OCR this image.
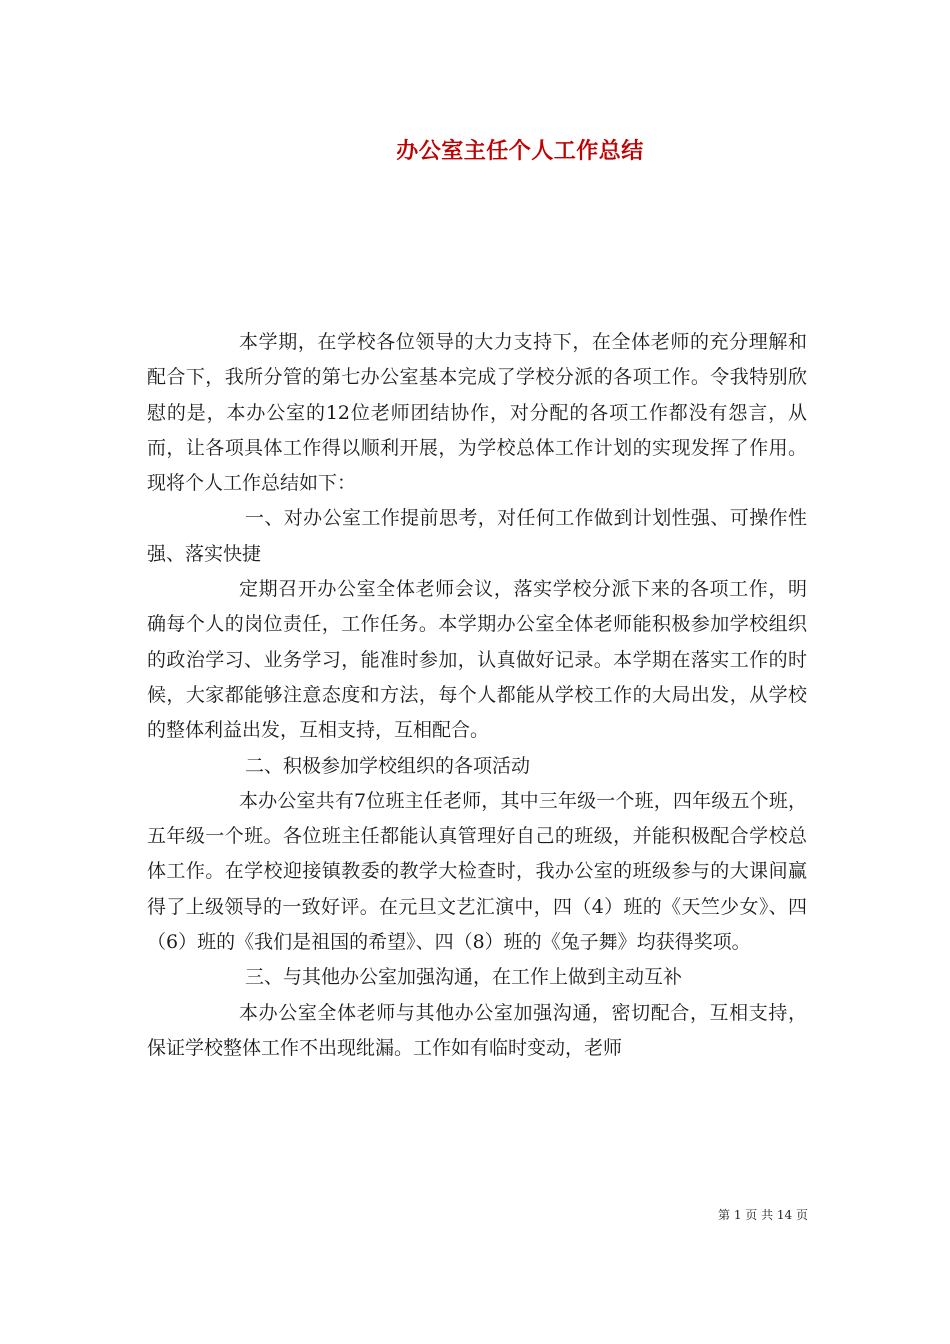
办公室主任个人工作总结

本学期，在学校各位领导的大力支持下，在全体老师的充分理解和配合下，我所分管的第七办公室基本完成了学校分派的各项工作。令我特别欣慰的是，本办公室的12位老师团结协作，对分配的各项工作都没有怨言，从而，让各项具体工作得以顺利开展，为学校总体工作计划的实现发挥了作用。现将个人工作总结如下：

一、对办公室工作提前思考，对任何工作做到计划性强、可操作性强、落实快捷

定期召开办公室全体老师会议，落实学校分派下来的各项工作，明确每个人的岗位责任，工作任务。本学期办公室全体老师能积极参加学校组织的政治学习、业务学习，能准时参加，认真做好记录。本学期在落实工作的时候，大家都能够注意态度和方法，每个人都能从学校工作的大局出发，从学校的整体利益出发，互相支持，互相配合。

二、积极参加学校组织的各项活动

本办公室共有7位班主任老师，其中三年级一个班，四年级五个班，五年级一个班。各位班主任都能认真管理好自己的班级，并能积极配合学校总体工作。在学校迎接镇教委的教学大检查时，我办公室的班级参与的大课间赢得了上级领导的一致好评。在元旦文艺汇演中，四（4）班的《天竺少女》、四（6）班的《我们是祖国的希望》、四（8）班的《兔子舞》均获得奖项。

三、与其他办公室加强沟通，在工作上做到主动互补

本办公室全体老师与其他办公室加强沟通，密切配合，互相支持，保证学校整体工作不出现纰漏。工作如有临时变动，老师

第 1 页 共 14 页
